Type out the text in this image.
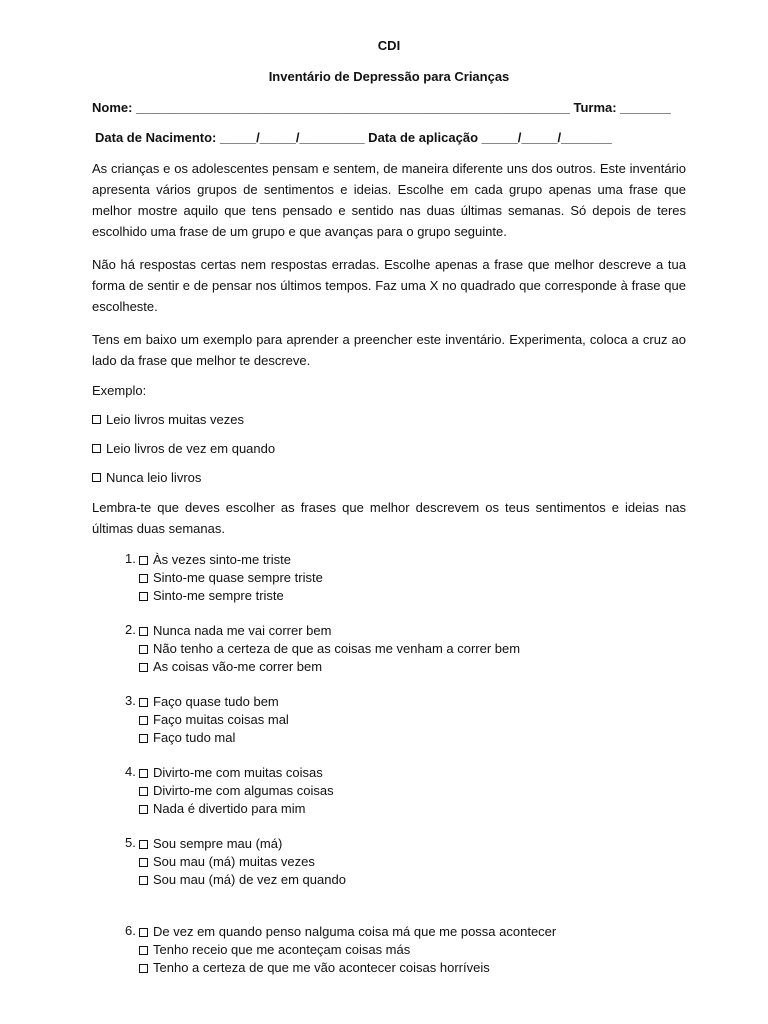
CDI
Inventário de Depressão para Crianças
Nome: ____________________________________________________________ Turma: _______
Data de Nacimento: _____/_____/_________ Data de aplicação _____/_____/_______

As crianças e os adolescentes pensam e sentem, de maneira diferente uns dos outros. Este inventário apresenta vários grupos de sentimentos e ideias. Escolhe em cada grupo apenas uma frase que melhor mostre aquilo que tens pensado e sentido nas duas últimas semanas. Só depois de teres escolhido uma frase de um grupo e que avanças para o grupo seguinte.

Não há respostas certas nem respostas erradas. Escolhe apenas a frase que melhor descreve a tua forma de sentir e de pensar nos últimos tempos. Faz uma X no quadrado que corresponde à frase que escolheste.

Tens em baixo um exemplo para aprender a preencher este inventário. Experimenta, coloca a cruz ao lado da frase que melhor te descreve.

Exemplo:
Leio livros muitas vezes
Leio livros de vez em quando
Nunca leio livros

Lembra-te que deves escolher as frases que melhor descrevem os teus sentimentos e ideias nas últimas duas semanas.

1. Às vezes sinto-me triste
Sinto-me quase sempre triste
Sinto-me sempre triste
2. Nunca nada me vai correr bem
Não tenho a certeza de que as coisas me venham a correr bem
As coisas vão-me correr bem
3. Faço quase tudo bem
Faço muitas coisas mal
Faço tudo mal
4. Divirto-me com muitas coisas
Divirto-me com algumas coisas
Nada é divertido para mim
5. Sou sempre mau (má)
Sou mau (má) muitas vezes
Sou mau (má) de vez em quando
6. De vez em quando penso nalguma coisa má que me possa acontecer
Tenho receio que me aconteçam coisas más
Tenho a certeza de que me vão acontecer coisas horríveis
